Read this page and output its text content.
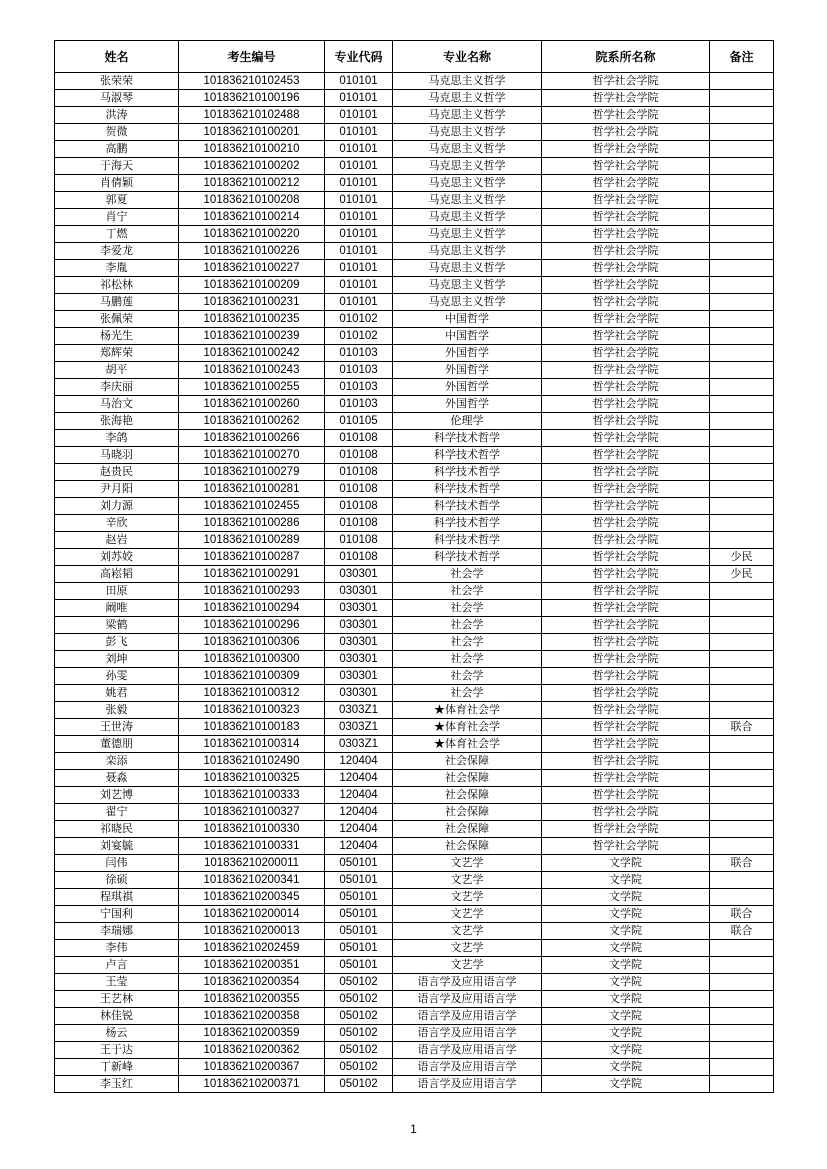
姓名	考生编号	专业代码	专业名称	院系所名称	备注
张荣荣	101836210102453	010101	马克思主义哲学	哲学社会学院	
马淑琴	101836210100196	010101	马克思主义哲学	哲学社会学院	
洪涛	101836210102488	010101	马克思主义哲学	哲学社会学院	
贺微	101836210100201	010101	马克思主义哲学	哲学社会学院	
高鹏	101836210100210	010101	马克思主义哲学	哲学社会学院	
于海天	101836210100202	010101	马克思主义哲学	哲学社会学院	
肖倩颖	101836210100212	010101	马克思主义哲学	哲学社会学院	
郭夏	101836210100208	010101	马克思主义哲学	哲学社会学院	
肖宁	101836210100214	010101	马克思主义哲学	哲学社会学院	
丁燃	101836210100220	010101	马克思主义哲学	哲学社会学院	
李爱龙	101836210100226	010101	马克思主义哲学	哲学社会学院	
李胤	101836210100227	010101	马克思主义哲学	哲学社会学院	
祁松林	101836210100209	010101	马克思主义哲学	哲学社会学院	
马鹏莲	101836210100231	010101	马克思主义哲学	哲学社会学院	
张佩荣	101836210100235	010102	中国哲学	哲学社会学院	
杨光生	101836210100239	010102	中国哲学	哲学社会学院	
郑辉荣	101836210100242	010103	外国哲学	哲学社会学院	
胡平	101836210100243	010103	外国哲学	哲学社会学院	
李庆丽	101836210100255	010103	外国哲学	哲学社会学院	
马治文	101836210100260	010103	外国哲学	哲学社会学院	
张海艳	101836210100262	010105	伦理学	哲学社会学院	
李鸽	101836210100266	010108	科学技术哲学	哲学社会学院	
马晓羽	101836210100270	010108	科学技术哲学	哲学社会学院	
赵贵民	101836210100279	010108	科学技术哲学	哲学社会学院	
尹月阳	101836210100281	010108	科学技术哲学	哲学社会学院	
刘力源	101836210102455	010108	科学技术哲学	哲学社会学院	
辛欣	101836210100286	010108	科学技术哲学	哲学社会学院	
赵岩	101836210100289	010108	科学技术哲学	哲学社会学院	
刘苏姣	101836210100287	010108	科学技术哲学	哲学社会学院	少民
高崧韬	101836210100291	030301	社会学	哲学社会学院	少民
田原	101836210100293	030301	社会学	哲学社会学院	
阚唯	101836210100294	030301	社会学	哲学社会学院	
梁鹤	101836210100296	030301	社会学	哲学社会学院	
彭飞	101836210100306	030301	社会学	哲学社会学院	
刘坤	101836210100300	030301	社会学	哲学社会学院	
孙雯	101836210100309	030301	社会学	哲学社会学院	
姚君	101836210100312	030301	社会学	哲学社会学院	
张毅	101836210100323	0303Z1	★体育社会学	哲学社会学院	
王世涛	101836210100183	0303Z1	★体育社会学	哲学社会学院	联合
董德朋	101836210100314	0303Z1	★体育社会学	哲学社会学院	
栾添	101836210102490	120404	社会保障	哲学社会学院	
聂淼	101836210100325	120404	社会保障	哲学社会学院	
刘艺博	101836210100333	120404	社会保障	哲学社会学院	
翟宁	101836210100327	120404	社会保障	哲学社会学院	
祁晓民	101836210100330	120404	社会保障	哲学社会学院	
刘宴毓	101836210100331	120404	社会保障	哲学社会学院	
闫伟	101836210200011	050101	文艺学	文学院	联合
徐硕	101836210200341	050101	文艺学	文学院	
程琪祺	101836210200345	050101	文艺学	文学院	
宁国利	101836210200014	050101	文艺学	文学院	联合
李瑞娜	101836210200013	050101	文艺学	文学院	联合
李伟	101836210202459	050101	文艺学	文学院	
卢言	101836210200351	050101	文艺学	文学院	
王莹	101836210200354	050102	语言学及应用语言学	文学院	
王艺林	101836210200355	050102	语言学及应用语言学	文学院	
林佳锐	101836210200358	050102	语言学及应用语言学	文学院	
杨云	101836210200359	050102	语言学及应用语言学	文学院	
王于达	101836210200362	050102	语言学及应用语言学	文学院	
丁新峰	101836210200367	050102	语言学及应用语言学	文学院	
李玉红	101836210200371	050102	语言学及应用语言学	文学院	
1
